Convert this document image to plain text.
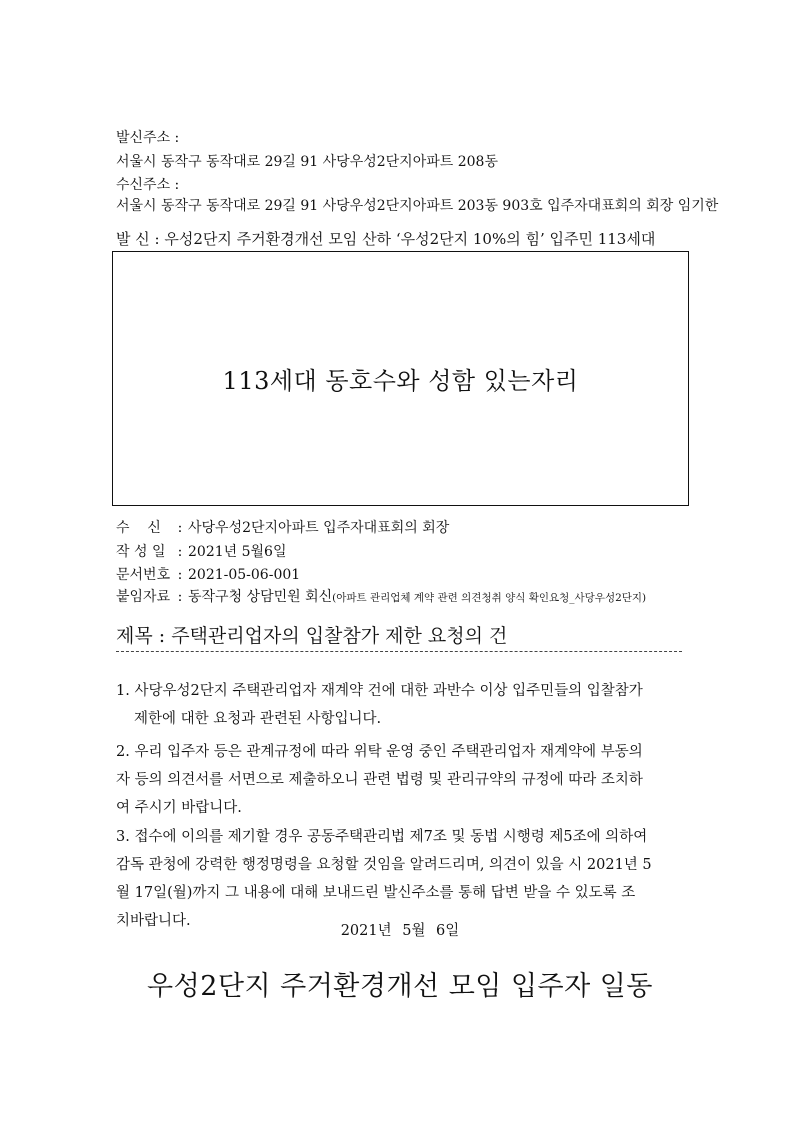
발신주소 :
서울시 동작구 동작대로 29길 91 사당우성2단지아파트 208동
수신주소 :
서울시 동작구 동작대로 29길 91 사당우성2단지아파트 203동 903호 입주자대표회의 회장 임기한
발 신 : 우성2단지 주거환경개선 모임 산하 ‘우성2단지 10%의 힘’ 입주민 113세대
113세대 동호수와 성함 있는자리
수    신 : 사당우성2단지아파트 입주자대표회의 회장
작 성 일 : 2021년 5월6일
문서번호 : 2021-05-06-001
붙임자료 : 동작구청 상담민원 회신(아파트 관리업체 계약 관련 의견청취 양식 확인요청_사당우성2단지)
제목 : 주택관리업자의 입찰참가 제한 요청의 건
1. 사당우성2단지 주택관리업자 재계약 건에 대한 과반수 이상 입주민들의 입찰참가
제한에 대한 요청과 관련된 사항입니다.
2. 우리 입주자 등은 관계규정에 따라 위탁 운영 중인 주택관리업자 재계약에 부동의
자 등의 의견서를 서면으로 제출하오니 관련 법령 및 관리규약의 규정에 따라 조치하
여 주시기 바랍니다.
3. 접수에 이의를 제기할 경우 공동주택관리법 제7조 및 동법 시행령 제5조에 의하여
감독 관청에 강력한 행정명령을 요청할 것임을 알려드리며, 의견이 있을 시 2021년 5
월 17일(월)까지 그 내용에 대해 보내드린 발신주소를 통해 답변 받을 수 있도록 조
치바랍니다.
2021년 5월 6일
우성2단지 주거환경개선 모임 입주자 일동
